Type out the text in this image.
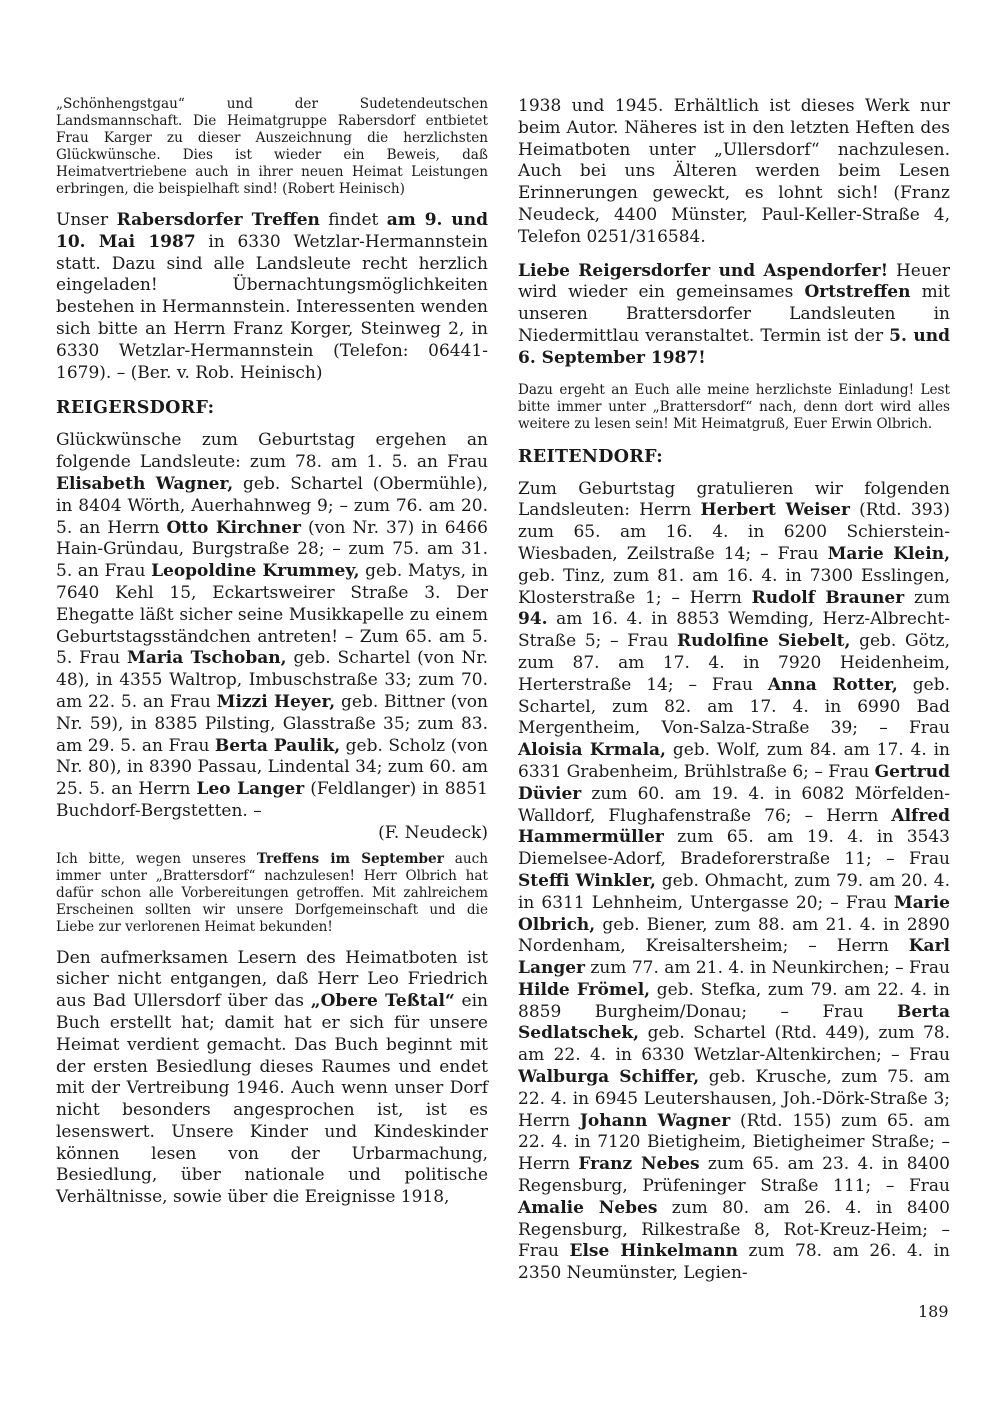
„Schönhengstgau“ und der Sudetendeutschen Landsmannschaft. Die Heimatgruppe Rabersdorf entbietet Frau Karger zu dieser Auszeichnung die herzlichsten Glückwünsche. Dies ist wieder ein Beweis, daß Heimatvertriebene auch in ihrer neuen Heimat Leistungen erbringen, die beispielhaft sind! (Robert Heinisch)
Unser Rabersdorfer Treffen findet am 9. und 10. Mai 1987 in 6330 Wetzlar-Hermannstein statt. Dazu sind alle Landsleute recht herzlich eingeladen! Übernachtungsmöglichkeiten bestehen in Hermannstein. Interessenten wenden sich bitte an Herrn Franz Korger, Steinweg 2, in 6330 Wetzlar-Hermannstein (Telefon: 06441-1679). – (Ber. v. Rob. Heinisch)
REIGERSDORF:
Glückwünsche zum Geburtstag ergehen an folgende Landsleute: zum 78. am 1. 5. an Frau Elisabeth Wagner, geb. Schartel (Obermühle), in 8404 Wörth, Auerhahnweg 9; – zum 76. am 20. 5. an Herrn Otto Kirchner (von Nr. 37) in 6466 Hain-Gründau, Burgstraße 28; – zum 75. am 31. 5. an Frau Leopoldine Krummey, geb. Matys, in 7640 Kehl 15, Eckartsweirer Straße 3. Der Ehegatte läßt sicher seine Musikkapelle zu einem Geburtstagsständchen antreten! – Zum 65. am 5. 5. Frau Maria Tschoban, geb. Schartel (von Nr. 48), in 4355 Waltrop, Imbuschstraße 33; zum 70. am 22. 5. an Frau Mizzi Heyer, geb. Bittner (von Nr. 59), in 8385 Pilsting, Glasstraße 35; zum 83. am 29. 5. an Frau Berta Paulik, geb. Scholz (von Nr. 80), in 8390 Passau, Lindental 34; zum 60. am 25. 5. an Herrn Leo Langer (Feldlanger) in 8851 Buchdorf-Bergstetten. –
(F. Neudeck)
Ich bitte, wegen unseres Treffens im September auch immer unter „Brattersdorf“ nachzulesen! Herr Olbrich hat dafür schon alle Vorbereitungen getroffen. Mit zahlreichem Erscheinen sollten wir unsere Dorfgemeinschaft und die Liebe zur verlorenen Heimat bekunden!
Den aufmerksamen Lesern des Heimatboten ist sicher nicht entgangen, daß Herr Leo Friedrich aus Bad Ullersdorf über das „Obere Teßtal“ ein Buch erstellt hat; damit hat er sich für unsere Heimat verdient gemacht. Das Buch beginnt mit der ersten Besiedlung dieses Raumes und endet mit der Vertreibung 1946. Auch wenn unser Dorf nicht besonders angesprochen ist, ist es lesenswert. Unsere Kinder und Kindeskinder können lesen von der Urbarmachung, Besiedlung, über nationale und politische Verhältnisse, sowie über die Ereignisse 1918,
1938 und 1945. Erhältlich ist dieses Werk nur beim Autor. Näheres ist in den letzten Heften des Heimatboten unter „Ullersdorf“ nachzulesen. Auch bei uns Älteren werden beim Lesen Erinnerungen geweckt, es lohnt sich! (Franz Neudeck, 4400 Münster, Paul-Keller-Straße 4, Telefon 0251/316584.
Liebe Reigersdorfer und Aspendorfer! Heuer wird wieder ein gemeinsames Ortstreffen mit unseren Brattersdorfer Landsleuten in Niedermittlau veranstaltet. Termin ist der 5. und 6. September 1987!
Dazu ergeht an Euch alle meine herzlichste Einladung! Lest bitte immer unter „Brattersdorf“ nach, denn dort wird alles weitere zu lesen sein! Mit Heimatgruß, Euer Erwin Olbrich.
REITENDORF:
Zum Geburtstag gratulieren wir folgenden Landsleuten: Herrn Herbert Weiser (Rtd. 393) zum 65. am 16. 4. in 6200 Schierstein-Wiesbaden, Zeilstraße 14; – Frau Marie Klein, geb. Tinz, zum 81. am 16. 4. in 7300 Esslingen, Klosterstraße 1; – Herrn Rudolf Brauner zum 94. am 16. 4. in 8853 Wemding, Herz-Albrecht-Straße 5; – Frau Rudolfine Siebelt, geb. Götz, zum 87. am 17. 4. in 7920 Heidenheim, Herterstraße 14; – Frau Anna Rotter, geb. Schartel, zum 82. am 17. 4. in 6990 Bad Mergentheim, Von-Salza-Straße 39; – Frau Aloisia Krmala, geb. Wolf, zum 84. am 17. 4. in 6331 Grabenheim, Brühlstraße 6; – Frau Gertrud Düvier zum 60. am 19. 4. in 6082 Mörfelden-Walldorf, Flughafenstraße 76; – Herrn Alfred Hammermüller zum 65. am 19. 4. in 3543 Diemelsee-Adorf, Bradeforerstraße 11; – Frau Steffi Winkler, geb. Ohmacht, zum 79. am 20. 4. in 6311 Lehnheim, Untergasse 20; – Frau Marie Olbrich, geb. Biener, zum 88. am 21. 4. in 2890 Nordenham, Kreisaltersheim; – Herrn Karl Langer zum 77. am 21. 4. in Neunkirchen; – Frau Hilde Frömel, geb. Stefka, zum 79. am 22. 4. in 8859 Burgheim/Donau; – Frau Berta Sedlatschek, geb. Schartel (Rtd. 449), zum 78. am 22. 4. in 6330 Wetzlar-Altenkirchen; – Frau Walburga Schiffer, geb. Krusche, zum 75. am 22. 4. in 6945 Leutershausen, Joh.-Dörk-Straße 3; Herrn Johann Wagner (Rtd. 155) zum 65. am 22. 4. in 7120 Bietigheim, Bietigheimer Straße; – Herrn Franz Nebes zum 65. am 23. 4. in 8400 Regensburg, Prüfeninger Straße 111; – Frau Amalie Nebes zum 80. am 26. 4. in 8400 Regensburg, Rilkestraße 8, Rot-Kreuz-Heim; – Frau Else Hinkelmann zum 78. am 26. 4. in 2350 Neumünster, Legien-
189
